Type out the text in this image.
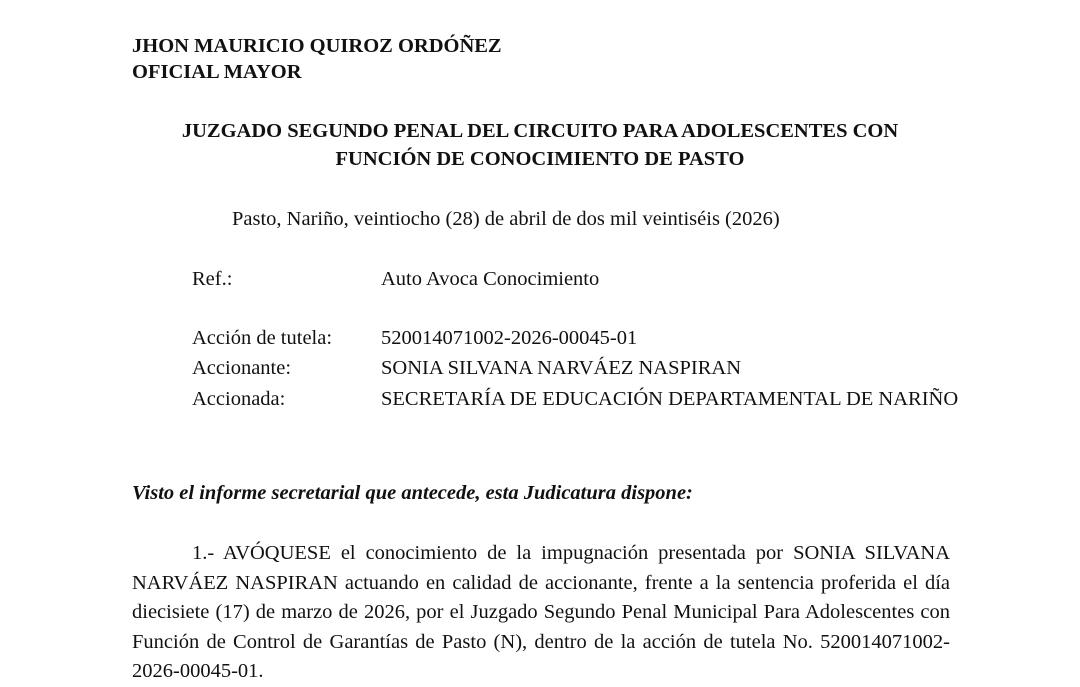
JHON MAURICIO QUIROZ ORDÓÑEZ
OFICIAL MAYOR
JUZGADO SEGUNDO PENAL DEL CIRCUITO PARA ADOLESCENTES CON
FUNCIÓN DE CONOCIMIENTO DE PASTO
Pasto, Nariño, veintiocho (28) de abril de dos mil veintiséis (2026)
Ref.:	Auto Avoca Conocimiento
Acción de tutela: 520014071002-2026-00045-01
Accionante:	SONIA SILVANA NARVÁEZ NASPIRAN
Accionada:	SECRETARÍA DE EDUCACIÓN DEPARTAMENTAL DE NARIÑO
Visto el informe secretarial que antecede, esta Judicatura dispone:
1.- AVÓQUESE el conocimiento de la impugnación presentada por SONIA SILVANA NARVÁEZ NASPIRAN actuando en calidad de accionante, frente a la sentencia proferida el día diecisiete (17) de marzo de 2026, por el Juzgado Segundo Penal Municipal Para Adolescentes con Función de Control de Garantías de Pasto (N), dentro de la acción de tutela No. 520014071002-2026-00045-01.
